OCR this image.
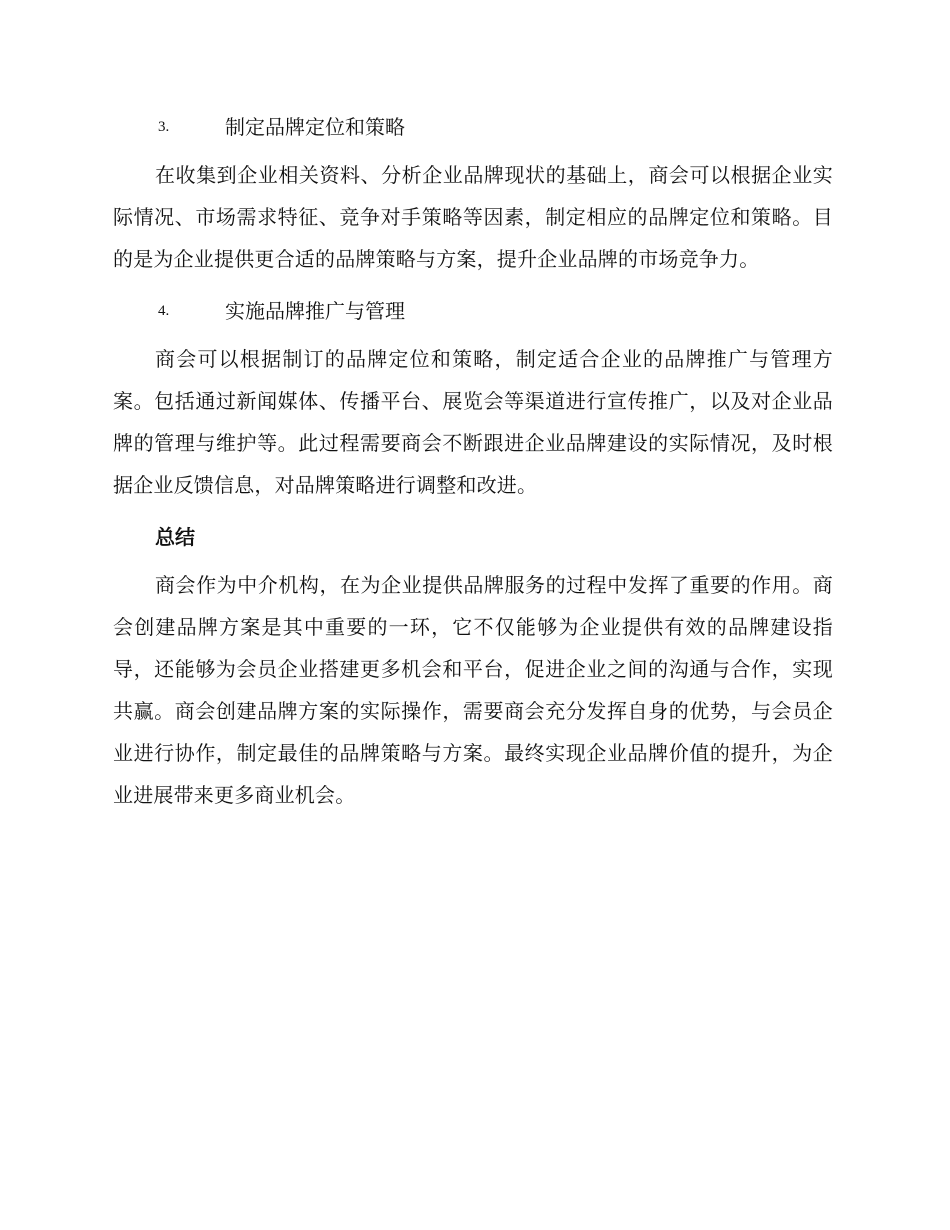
3.	制定品牌定位和策略

在收集到企业相关资料、分析企业品牌现状的基础上，商会可以根据企业实际情况、市场需求特征、竞争对手策略等因素，制定相应的品牌定位和策略。目的是为企业提供更合适的品牌策略与方案，提升企业品牌的市场竞争力。

4.	实施品牌推广与管理

商会可以根据制订的品牌定位和策略，制定适合企业的品牌推广与管理方案。包括通过新闻媒体、传播平台、展览会等渠道进行宣传推广，以及对企业品牌的管理与维护等。此过程需要商会不断跟进企业品牌建设的实际情况，及时根据企业反馈信息，对品牌策略进行调整和改进。

总结

商会作为中介机构，在为企业提供品牌服务的过程中发挥了重要的作用。商会创建品牌方案是其中重要的一环，它不仅能够为企业提供有效的品牌建设指导，还能够为会员企业搭建更多机会和平台，促进企业之间的沟通与合作，实现共赢。商会创建品牌方案的实际操作，需要商会充分发挥自身的优势，与会员企业进行协作，制定最佳的品牌策略与方案。最终实现企业品牌价值的提升，为企业进展带来更多商业机会。
